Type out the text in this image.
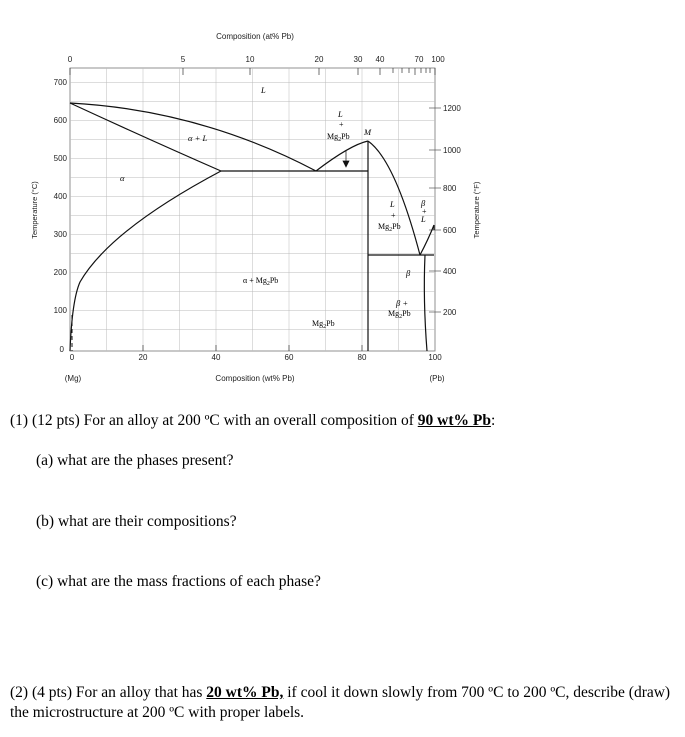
Composition (at% Pb)
0	5	10	20	30 40	70 100
0	20	40	60	80	100
Composition (wt% Pb)
(Mg)	(Pb)
700
600
500
400
300
200
100
0
Temperature (°C)
1200
1000
800
600
400
200
Temperature (°F)
L
α + L
α
L
+
$Mg_2Pb$ M
L
+
$Mg_2Pb$
β
+
L
$\alpha + Mg_2Pb$
$Mg_2Pb$
β +
$Mg_2Pb$
β
(1) (12 pts) For an alloy at 200 ºC with an overall composition of 90 wt% Pb:
(a) what are the phases present?
(b) what are their compositions?
(c) what are the mass fractions of each phase?
(2) (4 pts) For an alloy that has 20 wt% Pb, if cool it down slowly from 700 ºC to 200 ºC, describe (draw) the microstructure at 200 ºC with proper labels.
